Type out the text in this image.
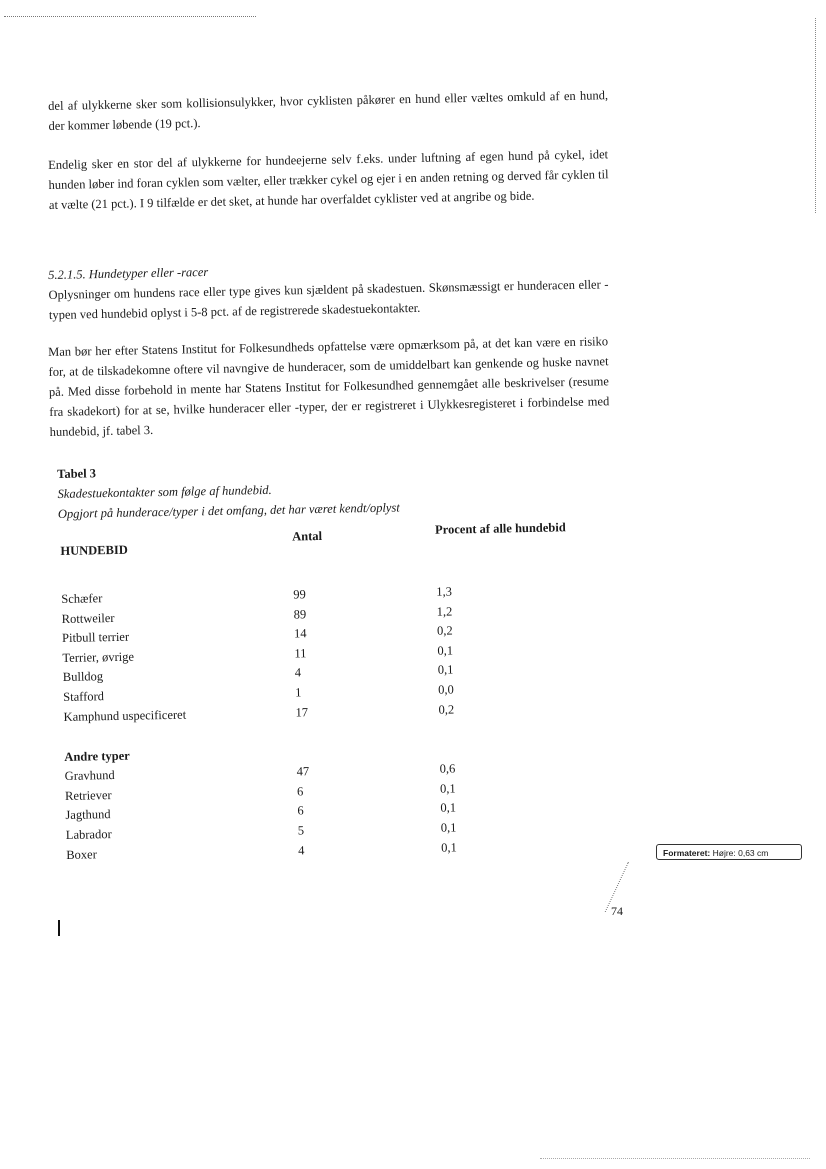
del af ulykkerne sker som kollisionsulykker, hvor cyklisten påkører en hund eller væltes omkuld af en hund, der kommer løbende (19 pct.).

Endelig sker en stor del af ulykkerne for hundeejerne selv f.eks. under luftning af egen hund på cykel, idet hunden løber ind foran cyklen som vælter, eller trækker cykel og ejer i en anden retning og derved får cyklen til at vælte (21 pct.). I 9 tilfælde er det sket, at hunde har overfaldet cyklister ved at angribe og bide.

5.2.1.5. Hundetyper eller -racer

Oplysninger om hundens race eller type gives kun sjældent på skadestuen. Skønsmæssigt er hunderacen eller -typen ved hundebid oplyst i 5-8 pct. af de registrerede skadestuekontakter.

Man bør her efter Statens Institut for Folkesundheds opfattelse være opmærksom på, at det kan være en risiko for, at de tilskadekomne oftere vil navngive de hunderacer, som de umiddelbart kan genkende og huske navnet på. Med disse forbehold in mente har Statens Institut for Folkesundhed gennemgået alle beskrivelser (resume fra skadekort) for at se, hvilke hunderacer eller -typer, der er registreret i Ulykkesregisteret i forbindelse med hundebid, jf. tabel 3.

Tabel 3
Skadestuekontakter som følge af hundebid.
Opgjort på hunderace/typer i det omfang, det har været kendt/oplyst
HUNDEBID
Antal	Procent af alle hundebid
Schæfer	99	1,3
Rottweiler	89	1,2
Pitbull terrier	14	0,2
Terrier, øvrige	11	0,1
Bulldog	4	0,1
Stafford	1	0,0
Kamphund uspecificeret	17	0,2
Andre typer
Gravhund	47	0,6
Retriever	6	0,1
Jagthund	6	0,1
Labrador	5	0,1
Boxer	4	0,1	Formateret: Højre: 0,63 cm
74
